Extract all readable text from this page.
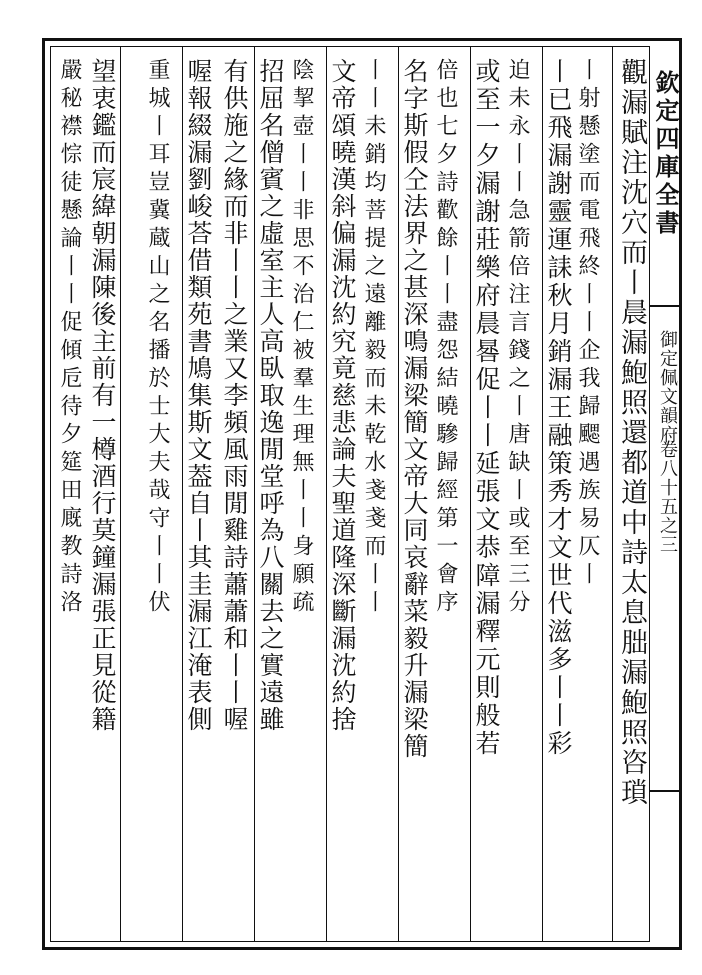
欽定四庫全書
御定佩文韻府
卷八十五之三
觀漏賦注沈穴而丨晨漏鮑照還都道中詩太息朏漏鮑照咨瑣
丨射懸塗而電飛終丨丨企我歸颸遇族易仄丨
丨已飛漏謝靈運誄秋月銷漏王融策秀才文世代滋多丨丨彩
迫未永丨丨急箭倍注言錢之丨唐缺丨或至三分
或至一夕漏謝莊樂府晨晷促丨丨延張文恭障漏釋元則般若
倍也七夕詩歡餘丨丨盡怨結曉驂歸經第一會序
名字斯假仝法界之甚深鳴漏梁簡文帝大同哀辭菜毅升漏梁簡
丨丨未銷均菩提之遠離毅而未乾水戔戔而丨丨
文帝頌曉漢斜偏漏沈約究竟慈悲論夫聖道隆深斷漏沈約捨
陰挈壺丨丨非思不治仁被羣生理無丨丨身願疏
招屈名僧賓之虛室主人高臥取逸閒堂呼為八關去之實遠雖
有供施之緣而非丨丨之業又李頻風雨閒雞詩蕭蕭和丨丨喔
喔報綴漏劉峻荅借類苑書鳩集斯文葢自丨其圭漏江淹表側
重城丨耳豈冀蔵山之名播於士大夫哉守丨丨伏
望衷鑑而宸緯朝漏陳後主前有一樽酒行莫鐘漏張正見從籍
嚴秘襟悰徒懸論丨丨促傾卮待夕筵田廐教詩洛
